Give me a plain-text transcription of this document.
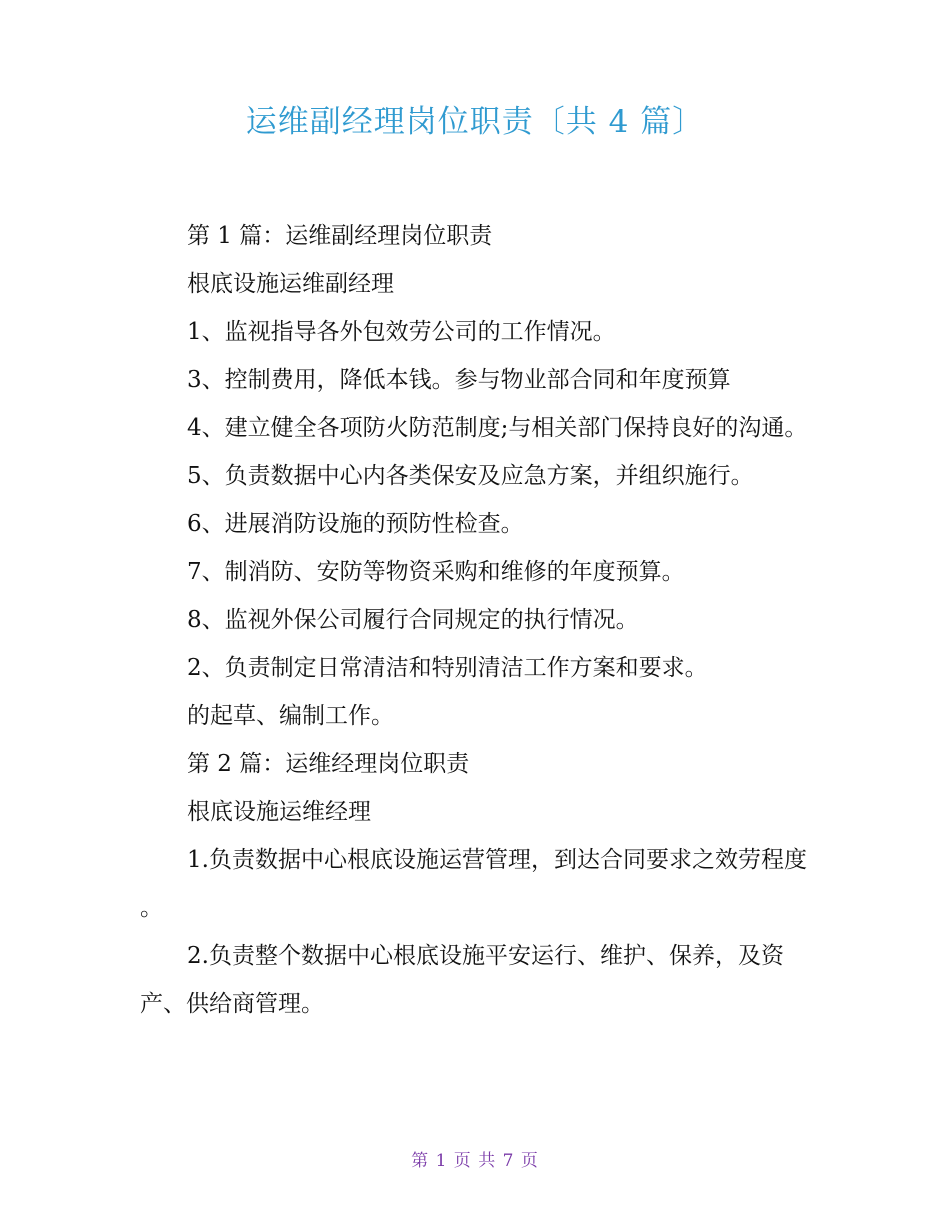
运维副经理岗位职责〔共 4 篇〕

第 1 篇：运维副经理岗位职责

根底设施运维副经理

1、监视指导各外包效劳公司的工作情况。

3、控制费用，降低本钱。参与物业部合同和年度预算

4、建立健全各项防火防范制度;与相关部门保持良好的沟通。

5、负责数据中心内各类保安及应急方案，并组织施行。

6、进展消防设施的预防性检查。

7、制消防、安防等物资采购和维修的年度预算。

8、监视外保公司履行合同规定的执行情况。

2、负责制定日常清洁和特别清洁工作方案和要求。

的起草、编制工作。

第 2 篇：运维经理岗位职责

根底设施运维经理

1.负责数据中心根底设施运营管理，到达合同要求之效劳程度 。

2.负责整个数据中心根底设施平安运行、维护、保养，及资产、供给商管理。

第 1 页 共 7 页
